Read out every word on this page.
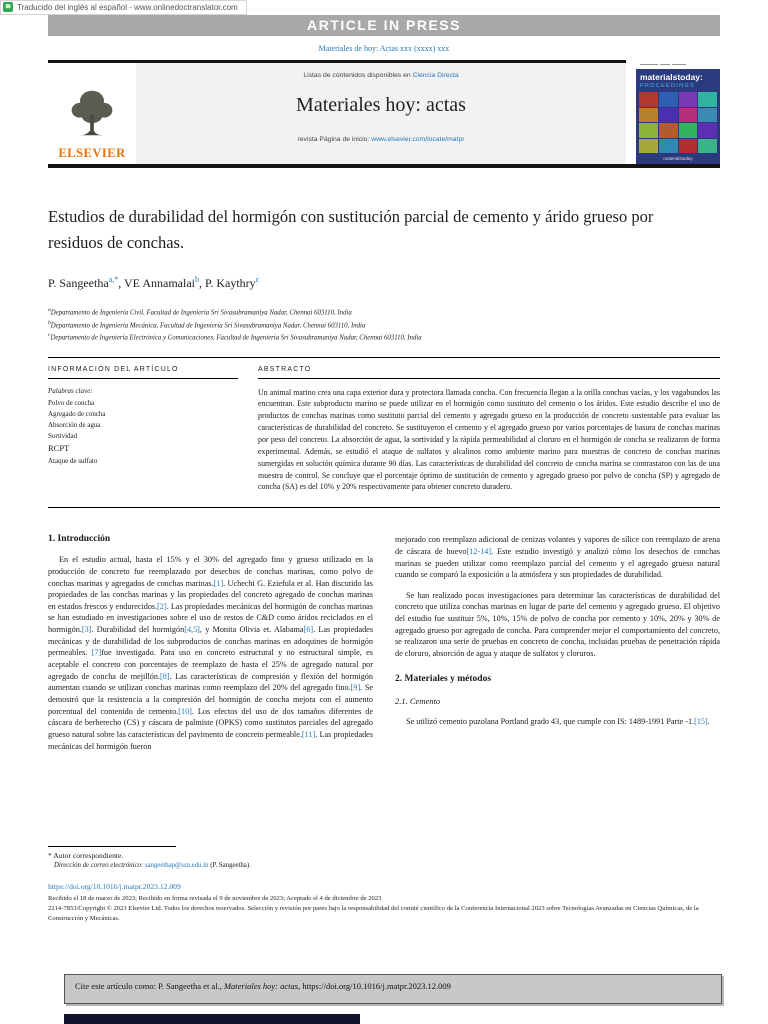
≣ Traducido del inglés al español - www.onlinedoctranslator.com
ARTICLE IN PRESS
Materiales de hoy: Actas xxx (xxxx) xxx
ELSEVIER
Listas de contenidos disponibles en Ciencia Directa
Materiales hoy: actas
revista Página de inicio: www.elsevier.com/locate/matpr
materialstoday:
PROCEEDINGS
materialstoday
Estudios de durabilidad del hormigón con sustitución parcial de cemento y árido grueso por residuos de conchas.
P. Sangeetha$^{a,*}$, VE Annamalai$^b$, P. Kaythry$^c$
$^a$Departamento de Ingeniería Civil, Facultad de Ingeniería Sri Sivasubramaniya Nadar, Chennai 603110, India
$^b$Departamento de Ingeniería Mecánica, Facultad de Ingeniería Sri Sivasubramaniya Nadar, Chennai 603110, India
$^c$Departamento de Ingeniería Electrónica y Comunicaciones, Facultad de Ingeniería Sri Sivasubramaniya Nadar, Chennai 603110, India
INFORMACIÓN DEL ARTÍCULO
Palabras clave:
Polvo de concha
Agregado de concha
Absorción de agua
Sortividad
RCPT
Ataque de sulfato
ABSTRACTO
Un animal marino crea una capa exterior dura y protectora llamada concha. Con frecuencia llegan a la orilla conchas vacías, y los vagabundos las encuentran. Este subproducto marino se puede utilizar en el hormigón como sustituto del cemento o los áridos. Este estudio describe el uso de productos de conchas marinas como sustituto parcial del cemento y agregado grueso en la producción de concreto sustentable para evaluar las características de durabilidad del concreto. Se sustituyeron el cemento y el agregado grueso por varios porcentajes de basura de conchas marinas por peso del concreto. La absorción de agua, la sortividad y la rápida permeabilidad al cloruro en el hormigón de concha se realizaron de forma experimental. Además, se estudió el ataque de sulfatos y alcalinos como ambiente marino para muestras de concreto de conchas marinas sumergidas en solución química durante 90 días. Las características de durabilidad del concreto de concha marina se contrastaron con las de una muestra de control. Se concluye que el porcentaje óptimo de sustitución de cemento y agregado grueso por polvo de concha (SP) y agregado de concha (SA) es del 10% y 20% respectivamente para obtener concreto duradero.
1. Introducción

En el estudio actual, hasta el 15% y el 30% del agregado fino y grueso utilizado en la producción de concreto fue reemplazado por desechos de conchas marinas, como polvo de conchas marinas y agregados de conchas marinas.[1]. Uchechi G. Eziefula et al. Han discutido las propiedades de las conchas marinas y las propiedades del concreto agregado de conchas marinas en estados frescos y endurecidos.[2]. Las propiedades mecánicas del hormigón de conchas marinas se han estudiado en investigaciones sobre el uso de restos de C&D como áridos reciclados en el hormigón.[3]. Durabilidad del hormigón[4,5], y Monita Olivia et. Alabama[6]. Las propiedades mecánicas y de durabilidad de los subproductos de conchas marinas en adoquines de hormigón permeables. [7]fue investigado. Para uso en concreto estructural y no estructural simple, es aceptable el concreto con porcentajes de reemplazo de hasta el 25% de agregado natural por agregado de concha de mejillón.[8]. Las características de compresión y flexión del hormigón aumentan cuando se utilizan conchas marinas como reemplazo del 20% del agregado fino.[9]. Se demostró que la resistencia a la compresión del hormigón de concha mejora con el aumento porcentual del contenido de cemento.[10]. Los efectos del uso de dos tamaños diferentes de cáscara de berberecho (CS) y cáscara de palmiste (OPKS) como sustitutos parciales del agregado grueso natural sobre las características del pavimento de concreto permeable.[11]. Las propiedades mecánicas del hormigón fueron

mejorado con reemplazo adicional de cenizas volantes y vapores de sílice con reemplazo de arena de cáscara de huevo[12-14]. Este estudio investigó y analizó cómo los desechos de conchas marinas se pueden utilizar como reemplazo parcial del cemento y el agregado grueso natural cuando se comparó la exposición a la atmósfera y sus propiedades de durabilidad.

Se han realizado pocas investigaciones para determinar las características de durabilidad del concreto que utiliza conchas marinas en lugar de parte del cemento y agregado grueso. El objetivo del estudio fue sustituir 5%, 10%, 15% de polvo de concha por cemento y 10%, 20% y 30% de agregado grueso por agregado de concha. Para comprender mejor el comportamiento del concreto, se realizaron una serie de pruebas en concreto de concha, incluidas pruebas de penetración rápida de cloruro, absorción de agua y ataque de sulfatos y cloruros.

2. Materiales y métodos
2.1. Cemento

Se utilizó cemento puzolana Portland grado 43, que cumple con IS: 1489-1991 Parte -1.[15].

* Autor correspondiente.
Dirección de correo electrónico: sangeethap@ssn.edu.in (P. Sangeetha).
https://doi.org/10.1016/j.matpr.2023.12.009
Recibido el 18 de marzo de 2023; Recibido en forma revisada el 9 de noviembre de 2023; Aceptado el 4 de diciembre de 2023
2214-7853/Copyright © 2023 Elsevier Ltd. Todos los derechos reservados. Selección y revisión por pares bajo la responsabilidad del comité científico de la Conferencia Internacional 2023 sobre Tecnologías Avanzadas en Ciencias Químicas, de la Construcción y Mecánicas.
Cite este artículo como: P. Sangeetha et al., Materiales hoy: actas, https://doi.org/10.1016/j.matpr.2023.12.009
